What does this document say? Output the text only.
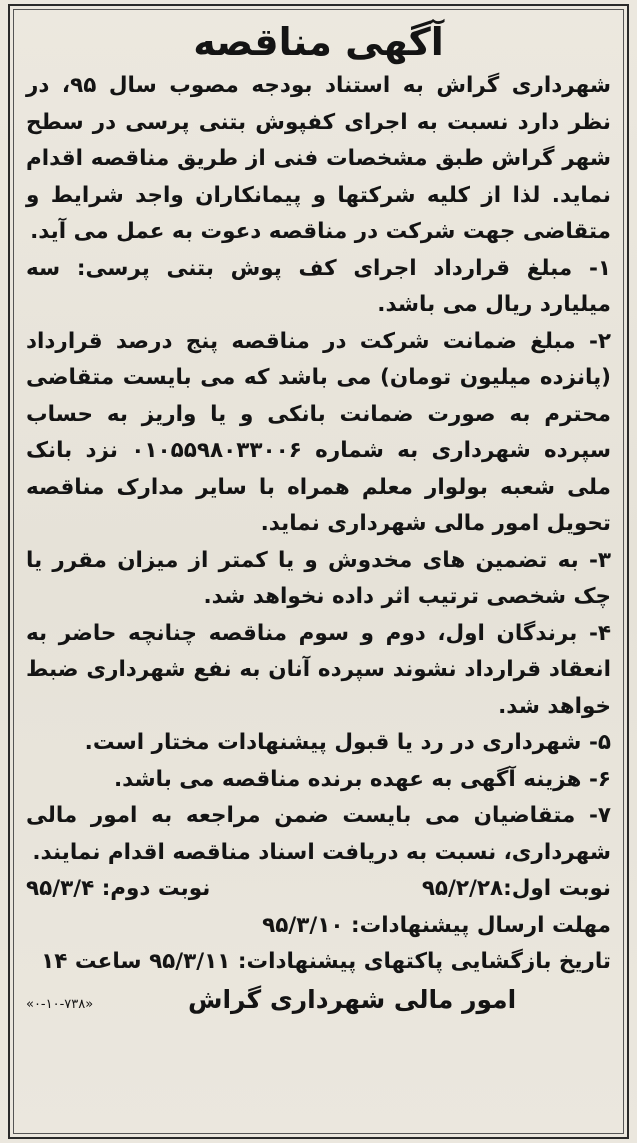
آگهی مناقصه

شهرداری گراش به استناد بودجه مصوب سال ۹۵، در نظر دارد نسبت به اجرای کفپوش بتنی پرسی در سطح شهر گراش طبق مشخصات فنی از طریق مناقصه اقدام نماید. لذا از کلیه شرکتها و پیمانکاران واجد شرایط و متقاضی جهت شرکت در مناقصه دعوت به عمل می آید.

۱- مبلغ قرارداد اجرای کف پوش بتنی پرسی: سه میلیارد ریال می باشد.

۲- مبلغ ضمانت شرکت در مناقصه پنج درصد قرارداد (پانزده میلیون تومان) می باشد که می بایست متقاضی محترم به صورت ضمانت بانکی و یا واریز به حساب سپرده شهرداری به شماره ۰۱۰۵۵۹۸۰۳۳۰۰۶ نزد بانک ملی شعبه بولوار معلم همراه با سایر مدارک مناقصه تحویل امور مالی شهرداری نماید.

۳- به تضمین های مخدوش و یا کمتر از میزان مقرر یا چک شخصی ترتیب اثر داده نخواهد شد.

۴- برندگان اول، دوم و سوم مناقصه چنانچه حاضر به انعقاد قرارداد نشوند سپرده آنان به نفع شهرداری ضبط خواهد شد.

۵- شهرداری در رد یا قبول پیشنهادات مختار است.

۶- هزینه آگهی به عهده برنده مناقصه می باشد.

۷- متقاضیان می بایست ضمن مراجعه به امور مالی شهرداری، نسبت به دریافت اسناد مناقصه اقدام نمایند.

نوبت اول:۹۵/۲/۲۸
نوبت دوم: ۹۵/۳/۴
مهلت ارسال پیشنهادات: ۹۵/۳/۱۰
تاریخ بازگشایی پاکتهای پیشنهادات: ۹۵/۳/۱۱ ساعت ۱۴
امور مالی شهرداری گراش
«۰-۱۰-۷۳۸»
